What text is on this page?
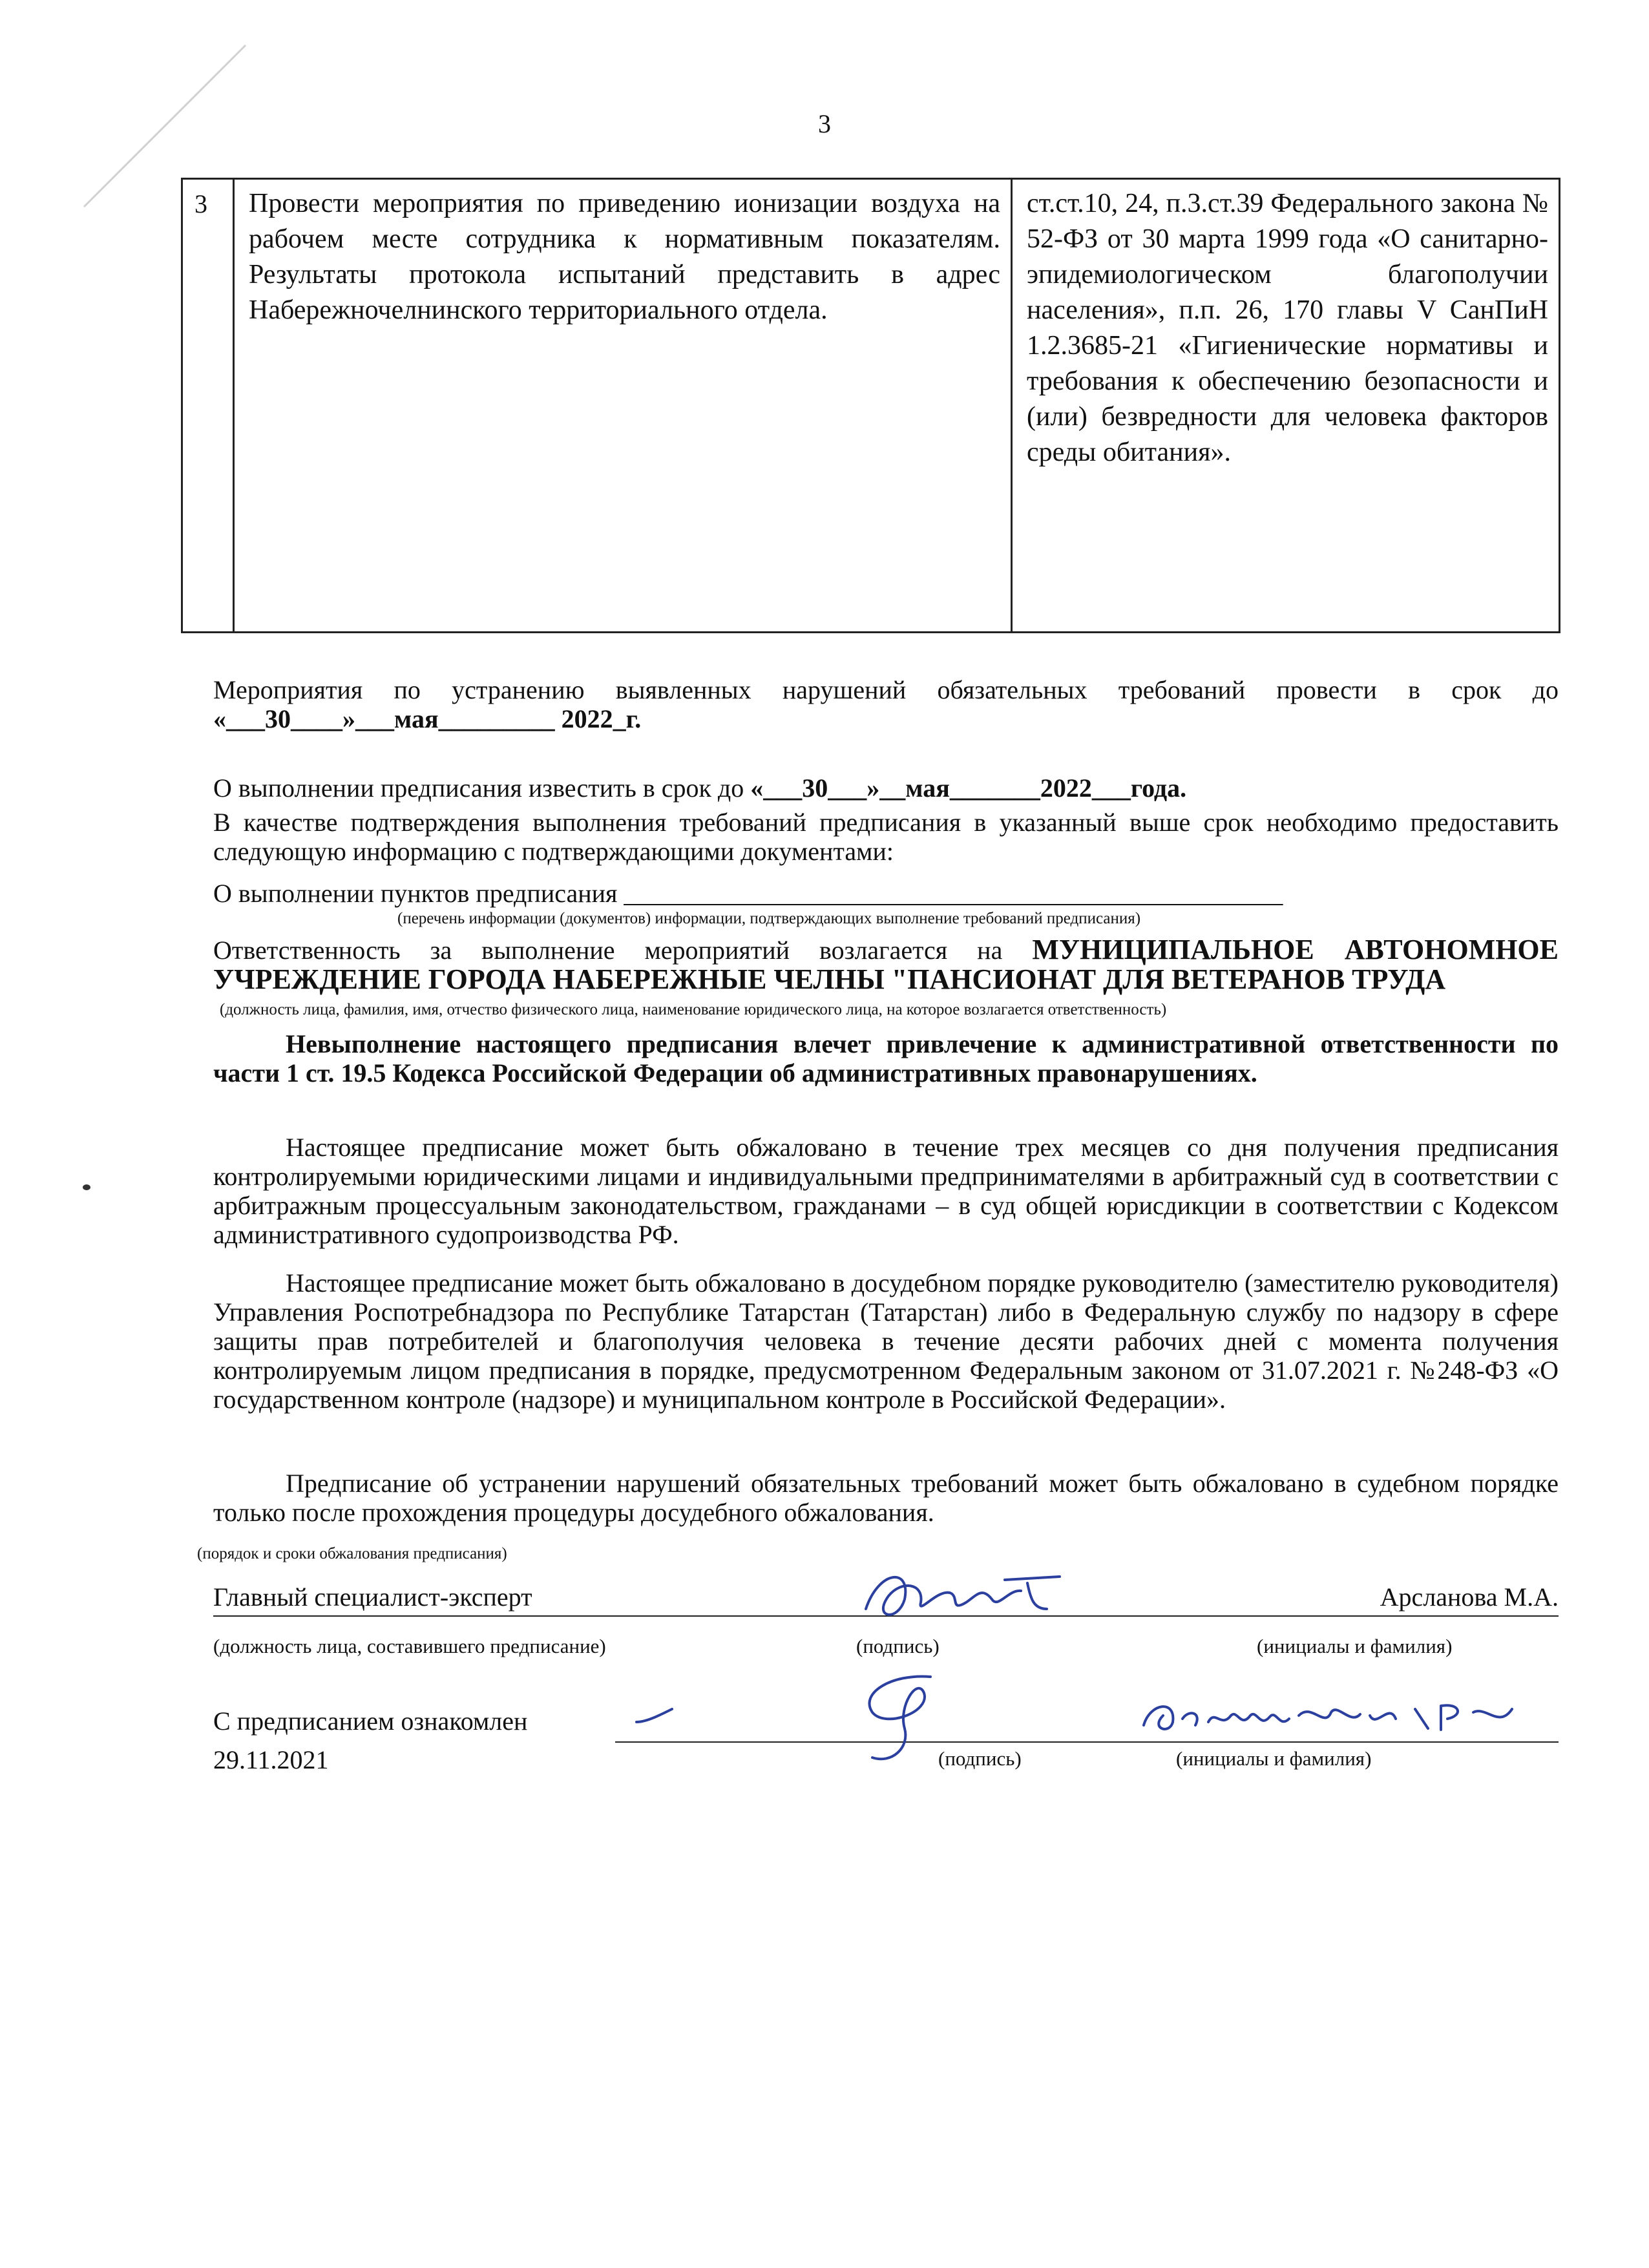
3
3	Провести мероприятия по приведению ионизации воздуха на рабочем месте сотрудника к нормативным показателям. Результаты протокола испытаний представить в адрес Набережночелнинского территориального отдела.	ст.ст.10, 24, п.3.ст.39 Федерального закона № 52-ФЗ от 30 марта 1999 года «О санитарно-эпидемиологическом благополучии населения», п.п. 26, 170 главы V СанПиН 1.2.3685-21 «Гигиенические нормативы и требования к обеспечению безопасности и (или) безвредности для человека факторов среды обитания».
Мероприятия по устранению выявленных нарушений обязательных требований провести в срок до «___30____»___мая_________ 2022_г.
О выполнении предписания известить в срок до «___30___»__мая_______2022___года.
В качестве подтверждения выполнения требований предписания в указанный выше срок необходимо предоставить следующую информацию с подтверждающими документами:
О выполнении пунктов предписания ___________________________________________________
(перечень информации (документов) информации, подтверждающих выполнение требований предписания)
Ответственность за выполнение мероприятий возлагается на МУНИЦИПАЛЬНОЕ АВТОНОМНОЕ УЧРЕЖДЕНИЕ ГОРОДА НАБЕРЕЖНЫЕ ЧЕЛНЫ "ПАНСИОНАТ ДЛЯ ВЕТЕРАНОВ ТРУДА
(должность лица, фамилия, имя, отчество физического лица, наименование юридического лица, на которое возлагается ответственность)
Невыполнение настоящего предписания влечет привлечение к административной ответственности по части 1 ст. 19.5 Кодекса Российской Федерации об административных правонарушениях.
Настоящее предписание может быть обжаловано в течение трех месяцев со дня получения предписания контролируемыми юридическими лицами и индивидуальными предпринимателями в арбитражный суд в соответствии с арбитражным процессуальным законодательством, гражданами – в суд общей юрисдикции в соответствии с Кодексом административного судопроизводства РФ.
Настоящее предписание может быть обжаловано в досудебном порядке руководителю (заместителю руководителя) Управления Роспотребнадзора по Республике Татарстан (Татарстан) либо в Федеральную службу по надзору в сфере защиты прав потребителей и благополучия человека в течение десяти рабочих дней с момента получения контролируемым лицом предписания в порядке, предусмотренном Федеральным законом от 31.07.2021 г. №248-ФЗ «О государственном контроле (надзоре) и муниципальном контроле в Российской Федерации».
Предписание об устранении нарушений обязательных требований может быть обжаловано в судебном порядке только после прохождения процедуры досудебного обжалования.
(порядок и сроки обжалования предписания)
Главный специалист-эксперт	Арсланова М.А.
(должность лица, составившего предписание)	(подпись)	(инициалы и фамилия)
С предписанием ознакомлен
29.11.2021	(подпись)	(инициалы и фамилия)
